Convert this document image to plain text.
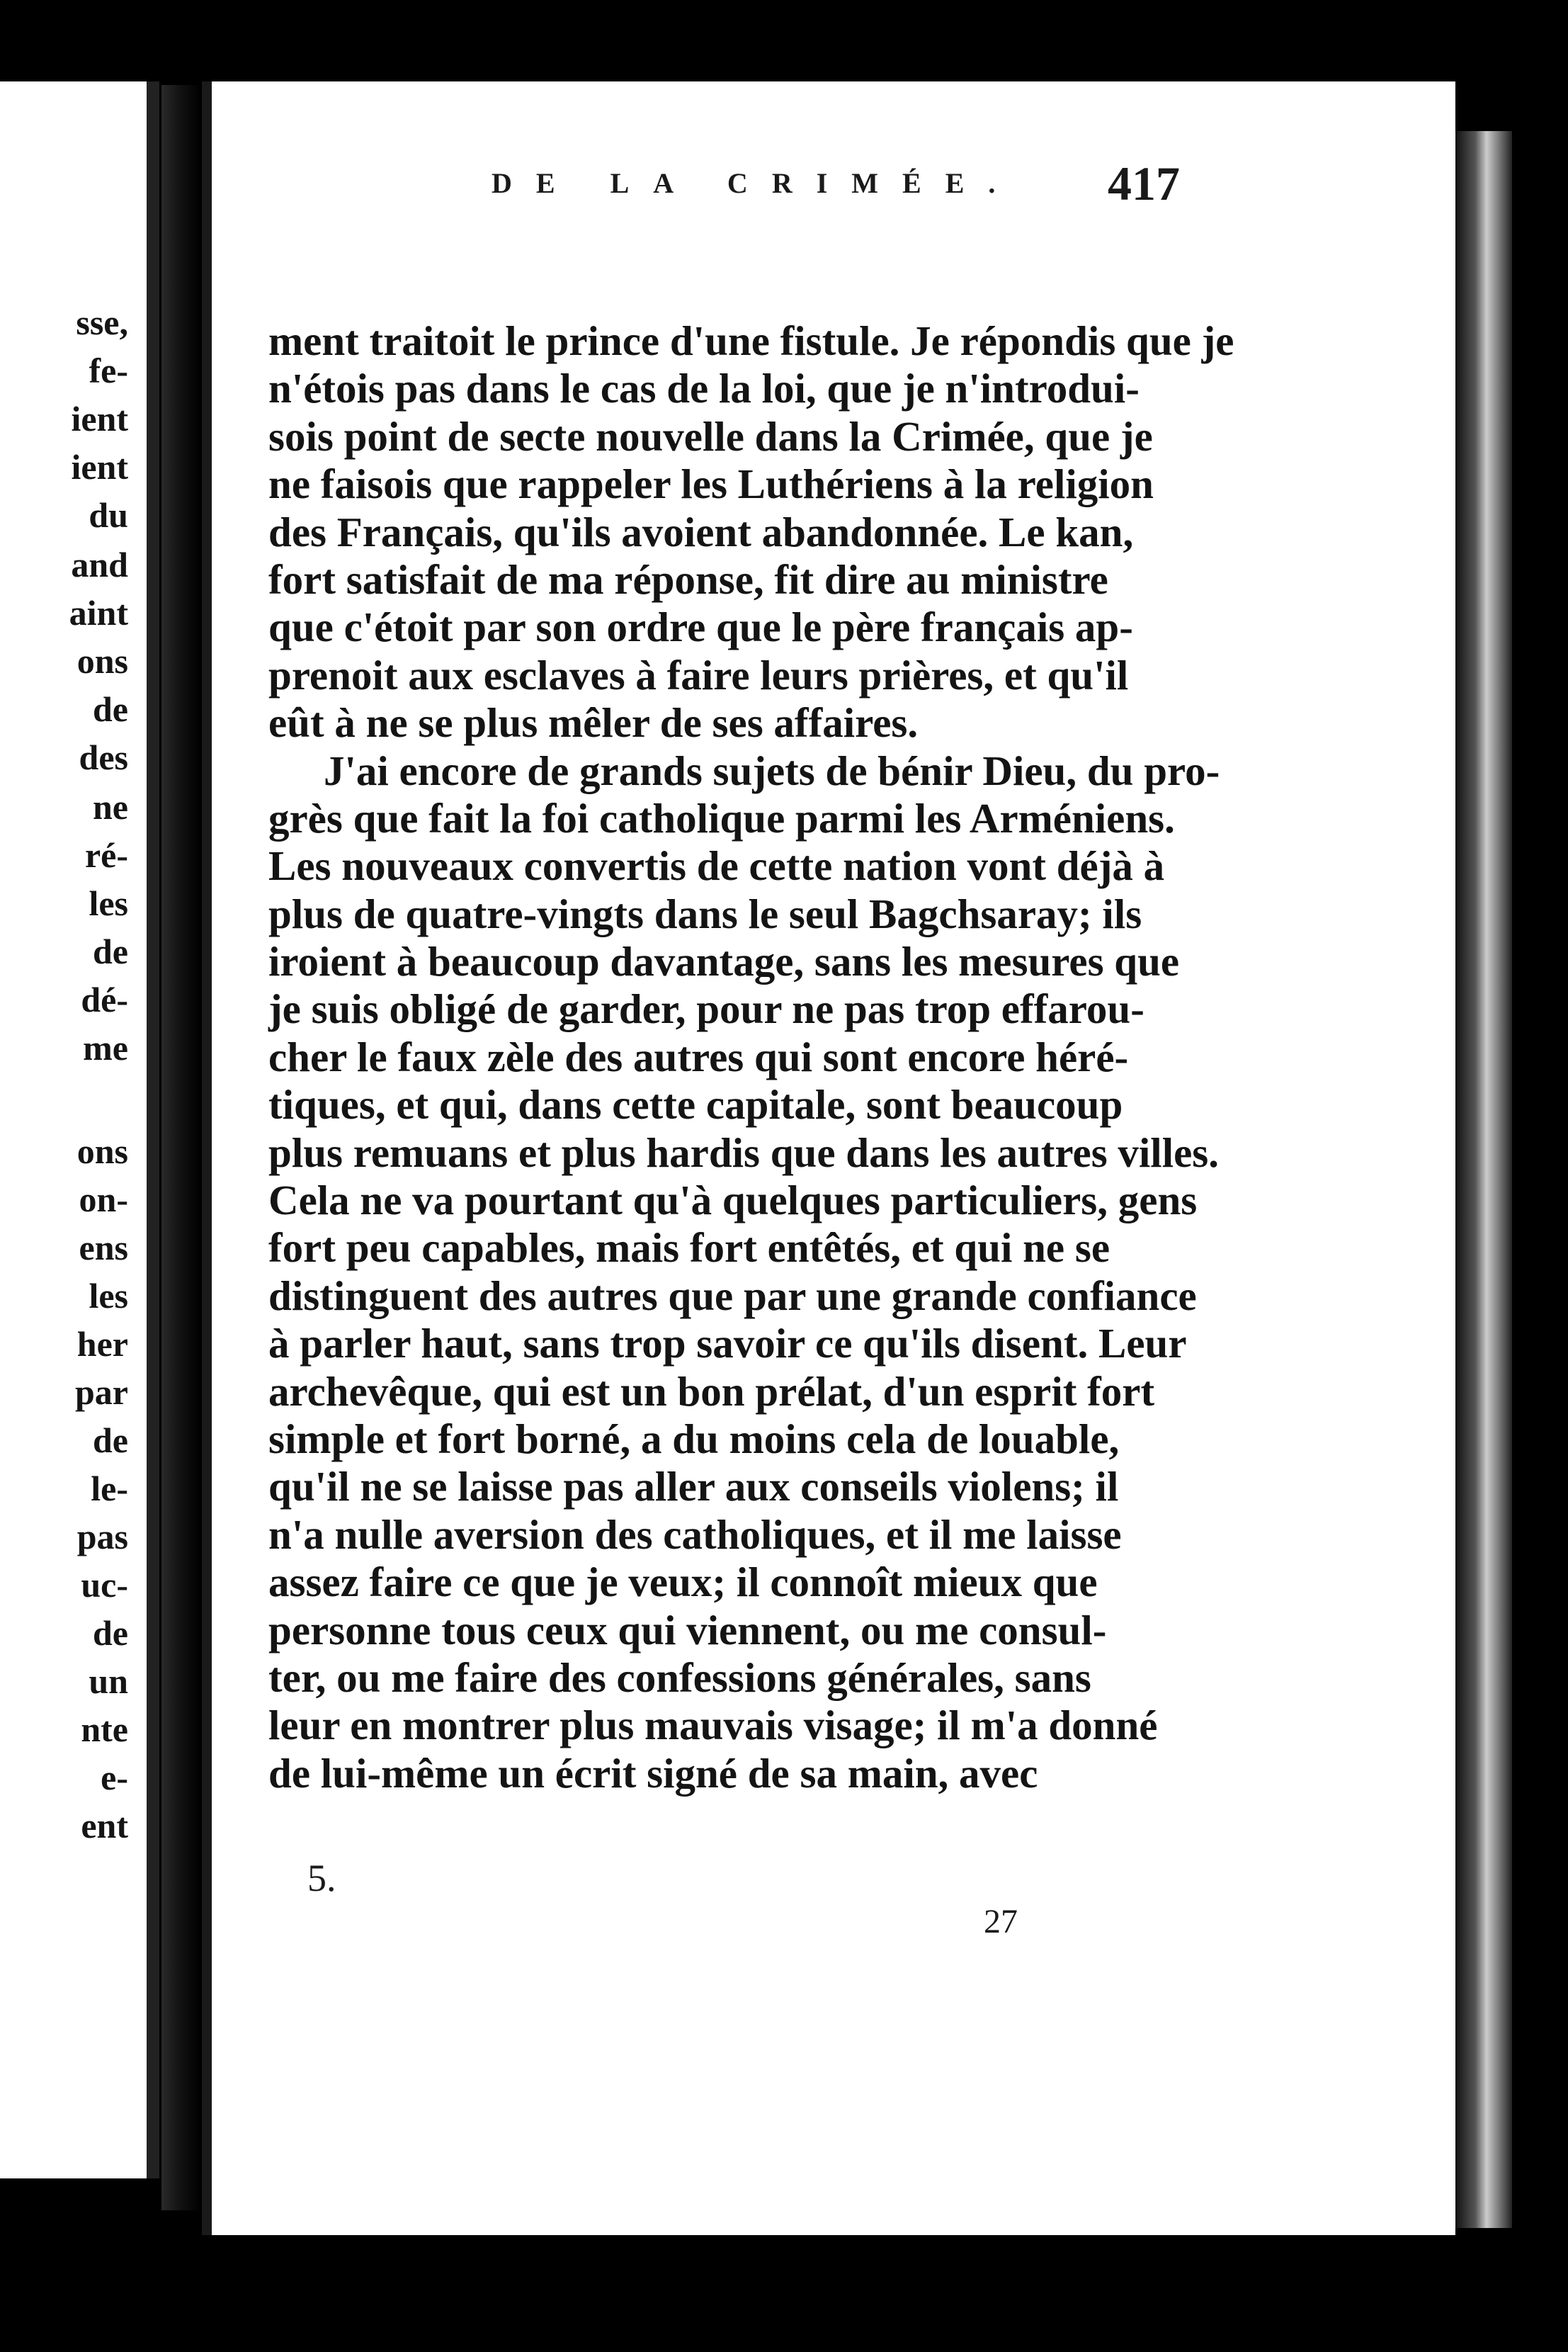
sse,
fe-
ient
ient
du
and
aint
ons
de
des
ne
ré-
les
de
dé-
me
ons
on-
ens
les
her
par
de
le-
pas
uc-
de
un
nte
e-
ent
DE LA CRIMÉE. 417
ment traitoit le prince d'une fistule. Je répondis que je
n'étois pas dans le cas de la loi, que je n'introdui-
sois point de secte nouvelle dans la Crimée, que je
ne faisois que rappeler les Luthériens à la religion
des Français, qu'ils avoient abandonnée. Le kan,
fort satisfait de ma réponse, fit dire au ministre
que c'étoit par son ordre que le père français ap-
prenoit aux esclaves à faire leurs prières, et qu'il
eût à ne se plus mêler de ses affaires.
J'ai encore de grands sujets de bénir Dieu, du pro-
grès que fait la foi catholique parmi les Arméniens.
Les nouveaux convertis de cette nation vont déjà à
plus de quatre-vingts dans le seul Bagchsaray; ils
iroient à beaucoup davantage, sans les mesures que
je suis obligé de garder, pour ne pas trop effarou-
cher le faux zèle des autres qui sont encore héré-
tiques, et qui, dans cette capitale, sont beaucoup
plus remuans et plus hardis que dans les autres villes.
Cela ne va pourtant qu'à quelques particuliers, gens
fort peu capables, mais fort entêtés, et qui ne se
distinguent des autres que par une grande confiance
à parler haut, sans trop savoir ce qu'ils disent. Leur
archevêque, qui est un bon prélat, d'un esprit fort
simple et fort borné, a du moins cela de louable,
qu'il ne se laisse pas aller aux conseils violens; il
n'a nulle aversion des catholiques, et il me laisse
assez faire ce que je veux; il connoît mieux que
personne tous ceux qui viennent, ou me consul-
ter, ou me faire des confessions générales, sans
leur en montrer plus mauvais visage; il m'a donné
de lui-même un écrit signé de sa main, avec
5.
27
